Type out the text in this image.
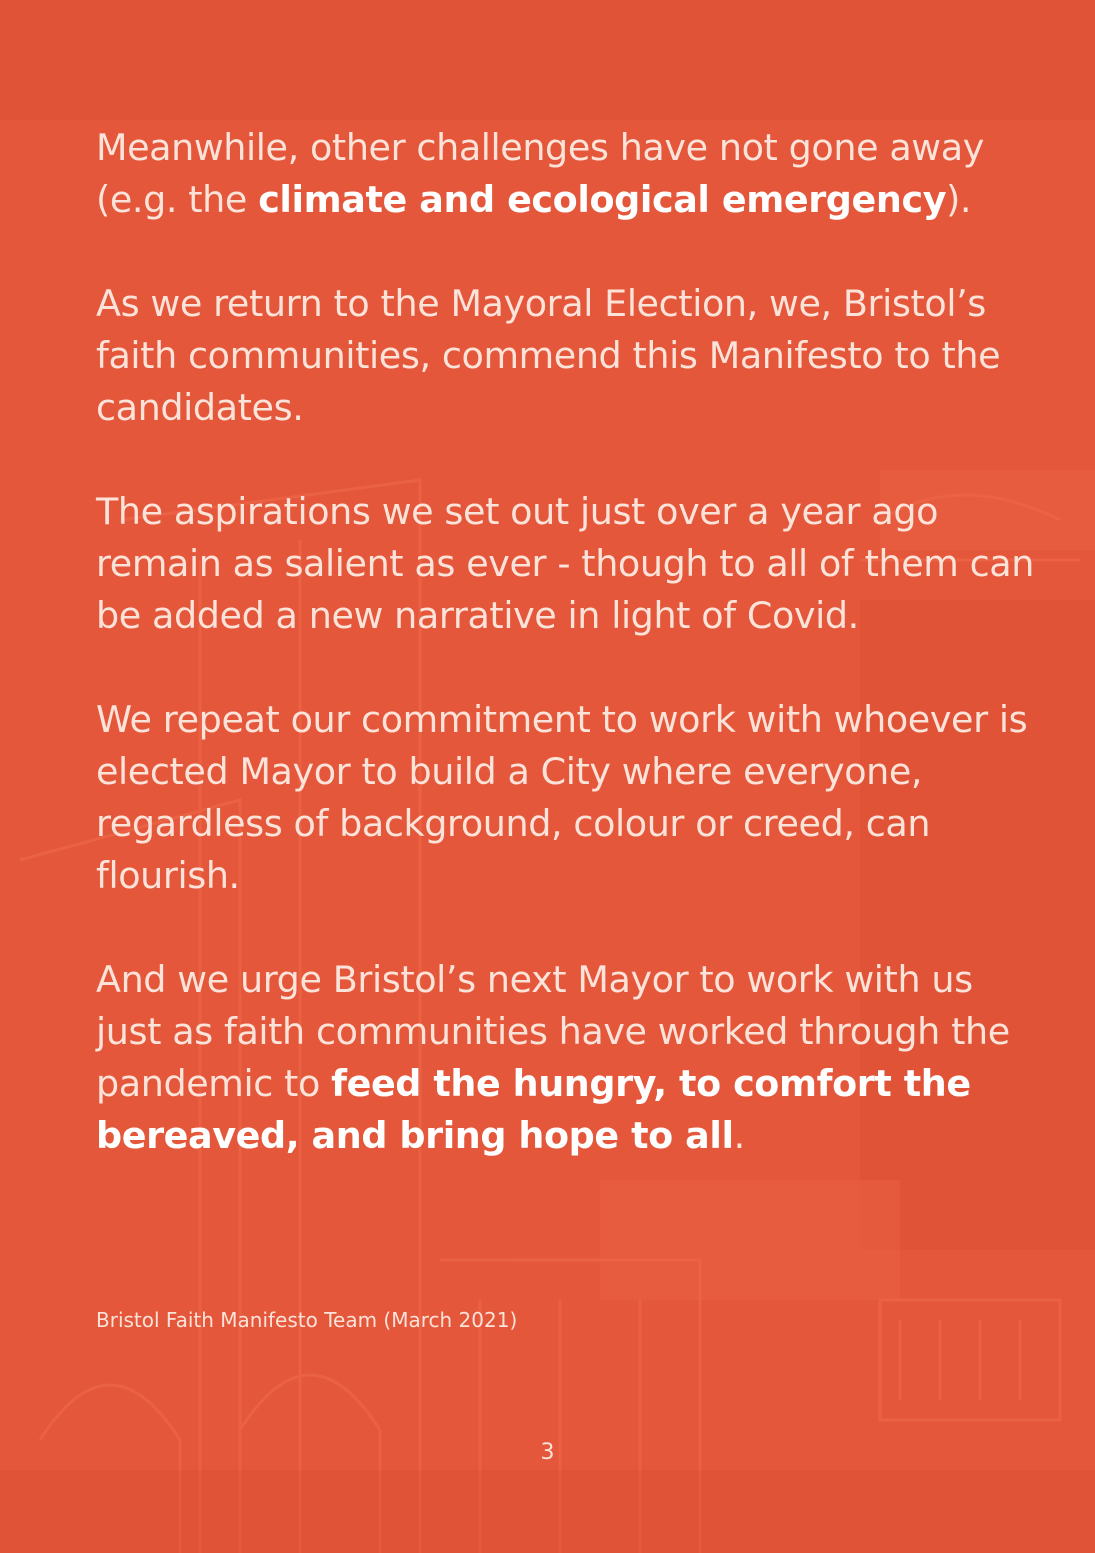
Meanwhile, other challenges have not gone away (e.g. the climate and ecological emergency).

As we return to the Mayoral Election, we, Bristol’s faith communities, commend this Manifesto to the candidates.

The aspirations we set out just over a year ago remain as salient as ever - though to all of them can be added a new narrative in light of Covid.

We repeat our commitment to work with whoever is elected Mayor to build a City where everyone, regardless of background, colour or creed, can flourish.

And we urge Bristol’s next Mayor to work with us just as faith communities have worked through the pandemic to feed the hungry, to comfort the bereaved, and bring hope to all.

Bristol Faith Manifesto Team (March 2021)
3
